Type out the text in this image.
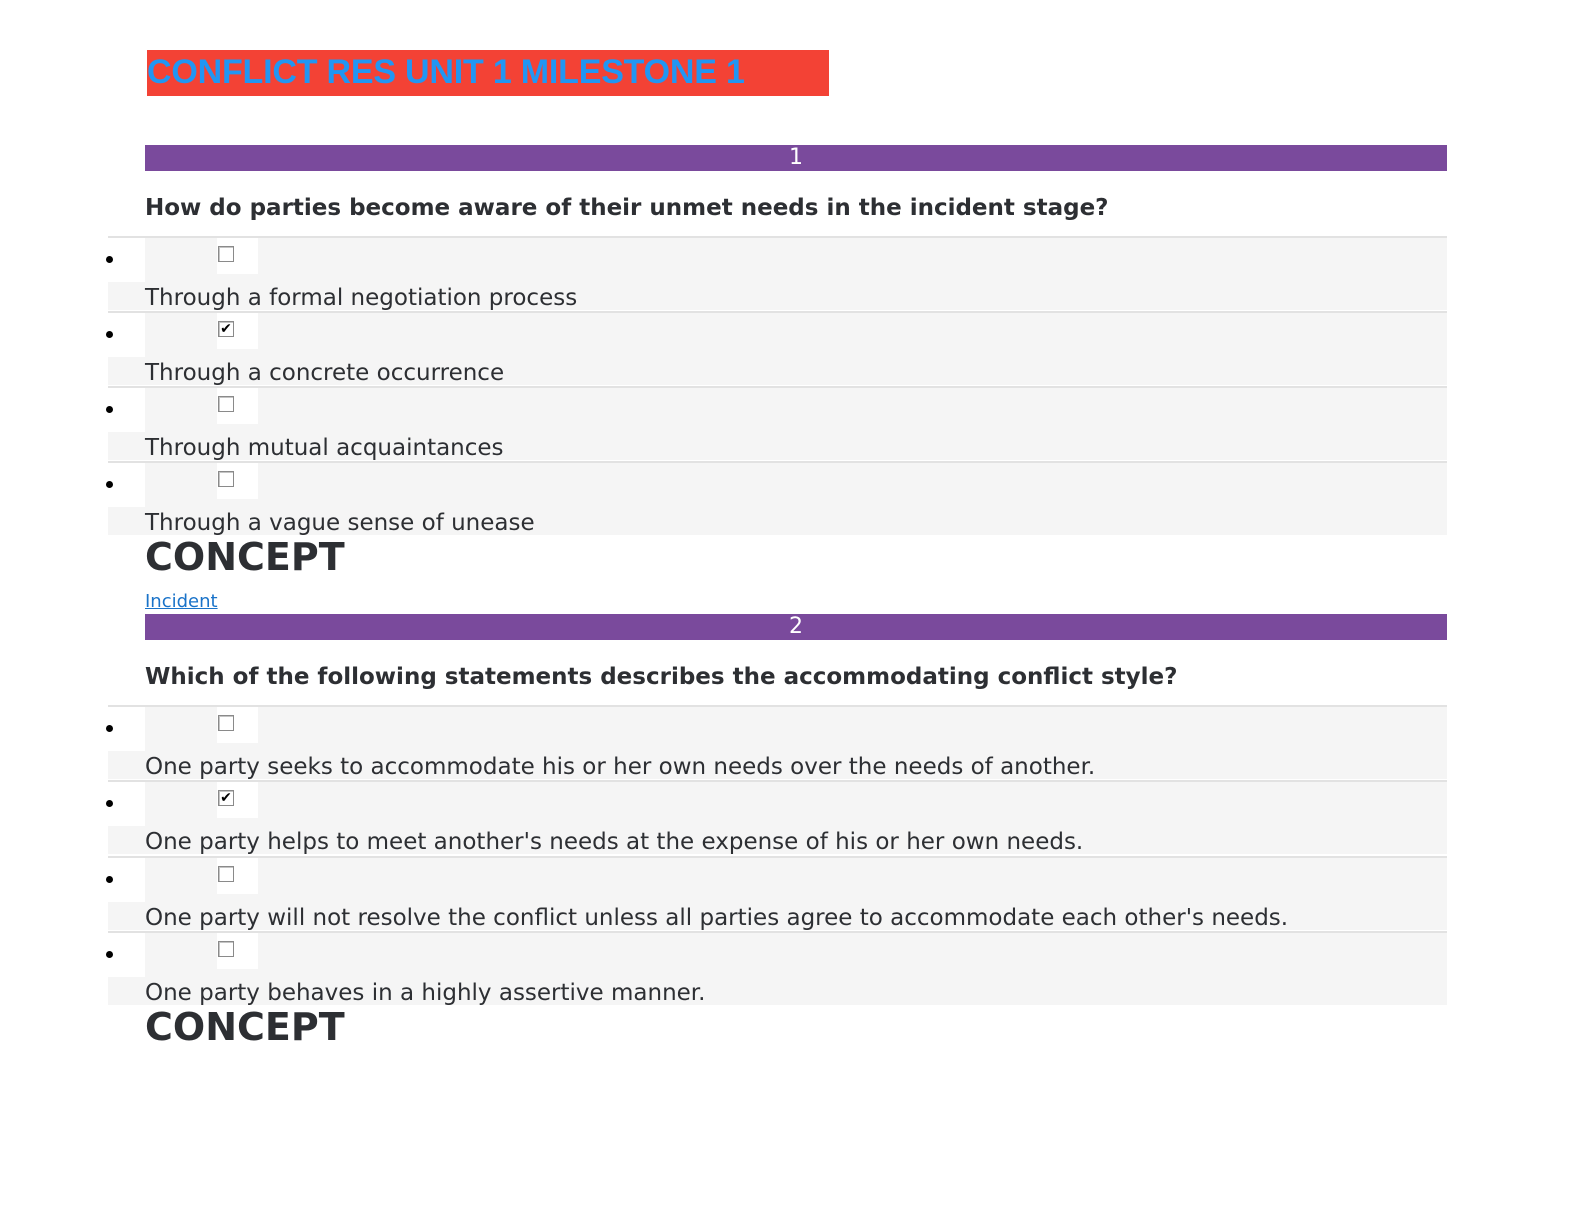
CONFLICT RES UNIT 1 MILESTONE 1
1
How do parties become aware of their unmet needs in the incident stage?
Through a formal negotiation process
✔
Through a concrete occurrence
Through mutual acquaintances
Through a vague sense of unease
CONCEPT
Incident
2
Which of the following statements describes the accommodating conflict style?
One party seeks to accommodate his or her own needs over the needs of another.
✔
One party helps to meet another's needs at the expense of his or her own needs.
One party will not resolve the conflict unless all parties agree to accommodate each other's needs.
One party behaves in a highly assertive manner.
CONCEPT
